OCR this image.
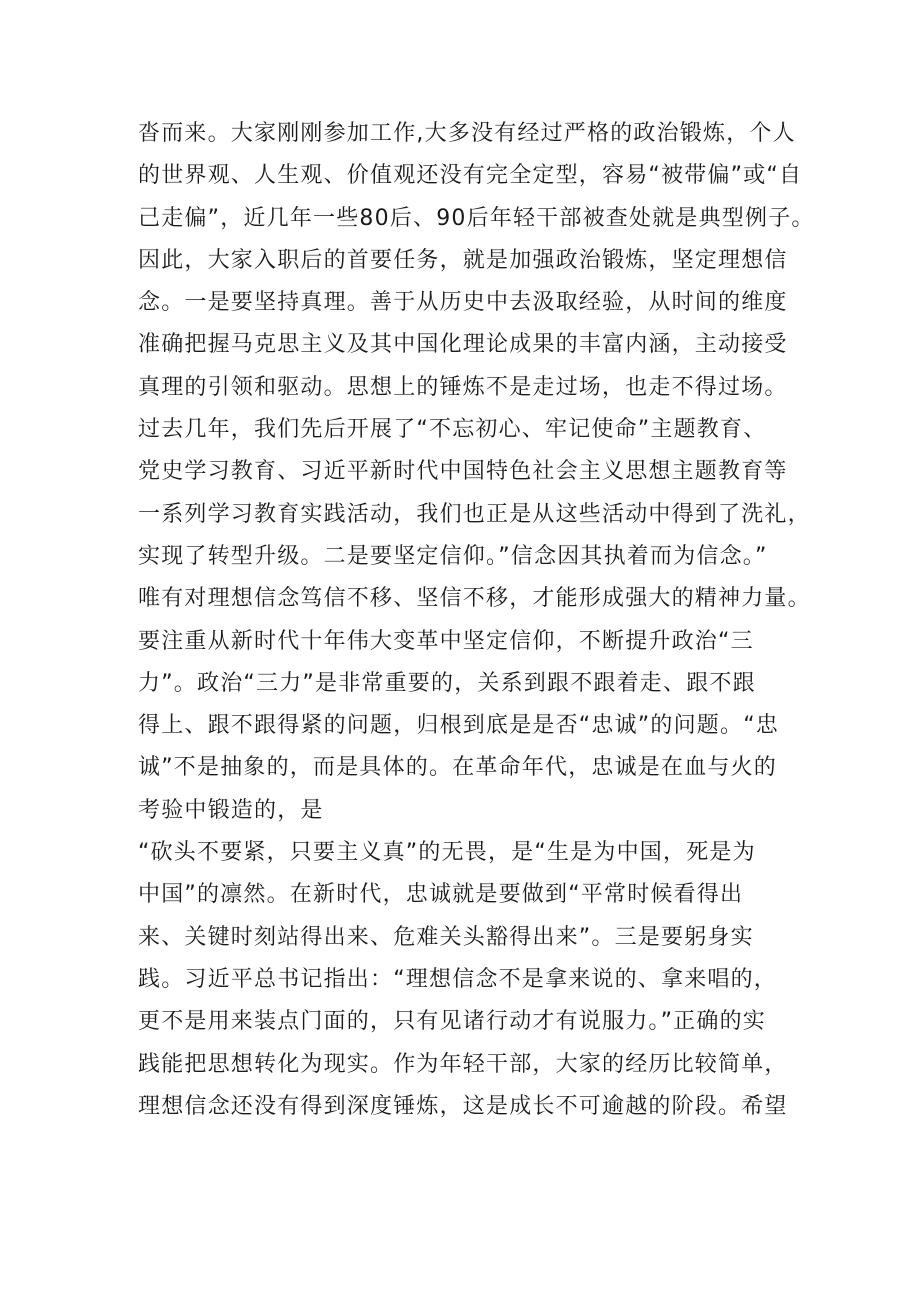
沓而来。大家刚刚参加工作,大多没有经过严格的政治锻炼，个人
的世界观、人生观、价值观还没有完全定型，容易“被带偏”或“自
己走偏”，近几年一些80后、90后年轻干部被查处就是典型例子。
因此，大家入职后的首要任务，就是加强政治锻炼，坚定理想信
念。一是要坚持真理。善于从历史中去汲取经验，从时间的维度
准确把握马克思主义及其中国化理论成果的丰富内涵，主动接受
真理的引领和驱动。思想上的锤炼不是走过场，也走不得过场。
过去几年，我们先后开展了“不忘初心、牢记使命”主题教育、
党史学习教育、习近平新时代中国特色社会主义思想主题教育等
一系列学习教育实践活动，我们也正是从这些活动中得到了洗礼，
实现了转型升级。二是要坚定信仰。”信念因其执着而为信念。”
唯有对理想信念笃信不移、坚信不移，才能形成强大的精神力量。
要注重从新时代十年伟大变革中坚定信仰，不断提升政治“三
力”。政治“三力”是非常重要的，关系到跟不跟着走、跟不跟
得上、跟不跟得紧的问题，归根到底是是否“忠诚”的问题。“忠
诚”不是抽象的，而是具体的。在革命年代，忠诚是在血与火的
考验中锻造的，是
“砍头不要紧，只要主义真”的无畏，是“生是为中国，死是为
中国”的凛然。在新时代，忠诚就是要做到“平常时候看得出
来、关键时刻站得出来、危难关头豁得出来”。三是要躬身实
践。习近平总书记指出：“理想信念不是拿来说的、拿来唱的，
更不是用来装点门面的，只有见诸行动才有说服力。”正确的实
践能把思想转化为现实。作为年轻干部，大家的经历比较简单，
理想信念还没有得到深度锤炼，这是成长不可逾越的阶段。希望
